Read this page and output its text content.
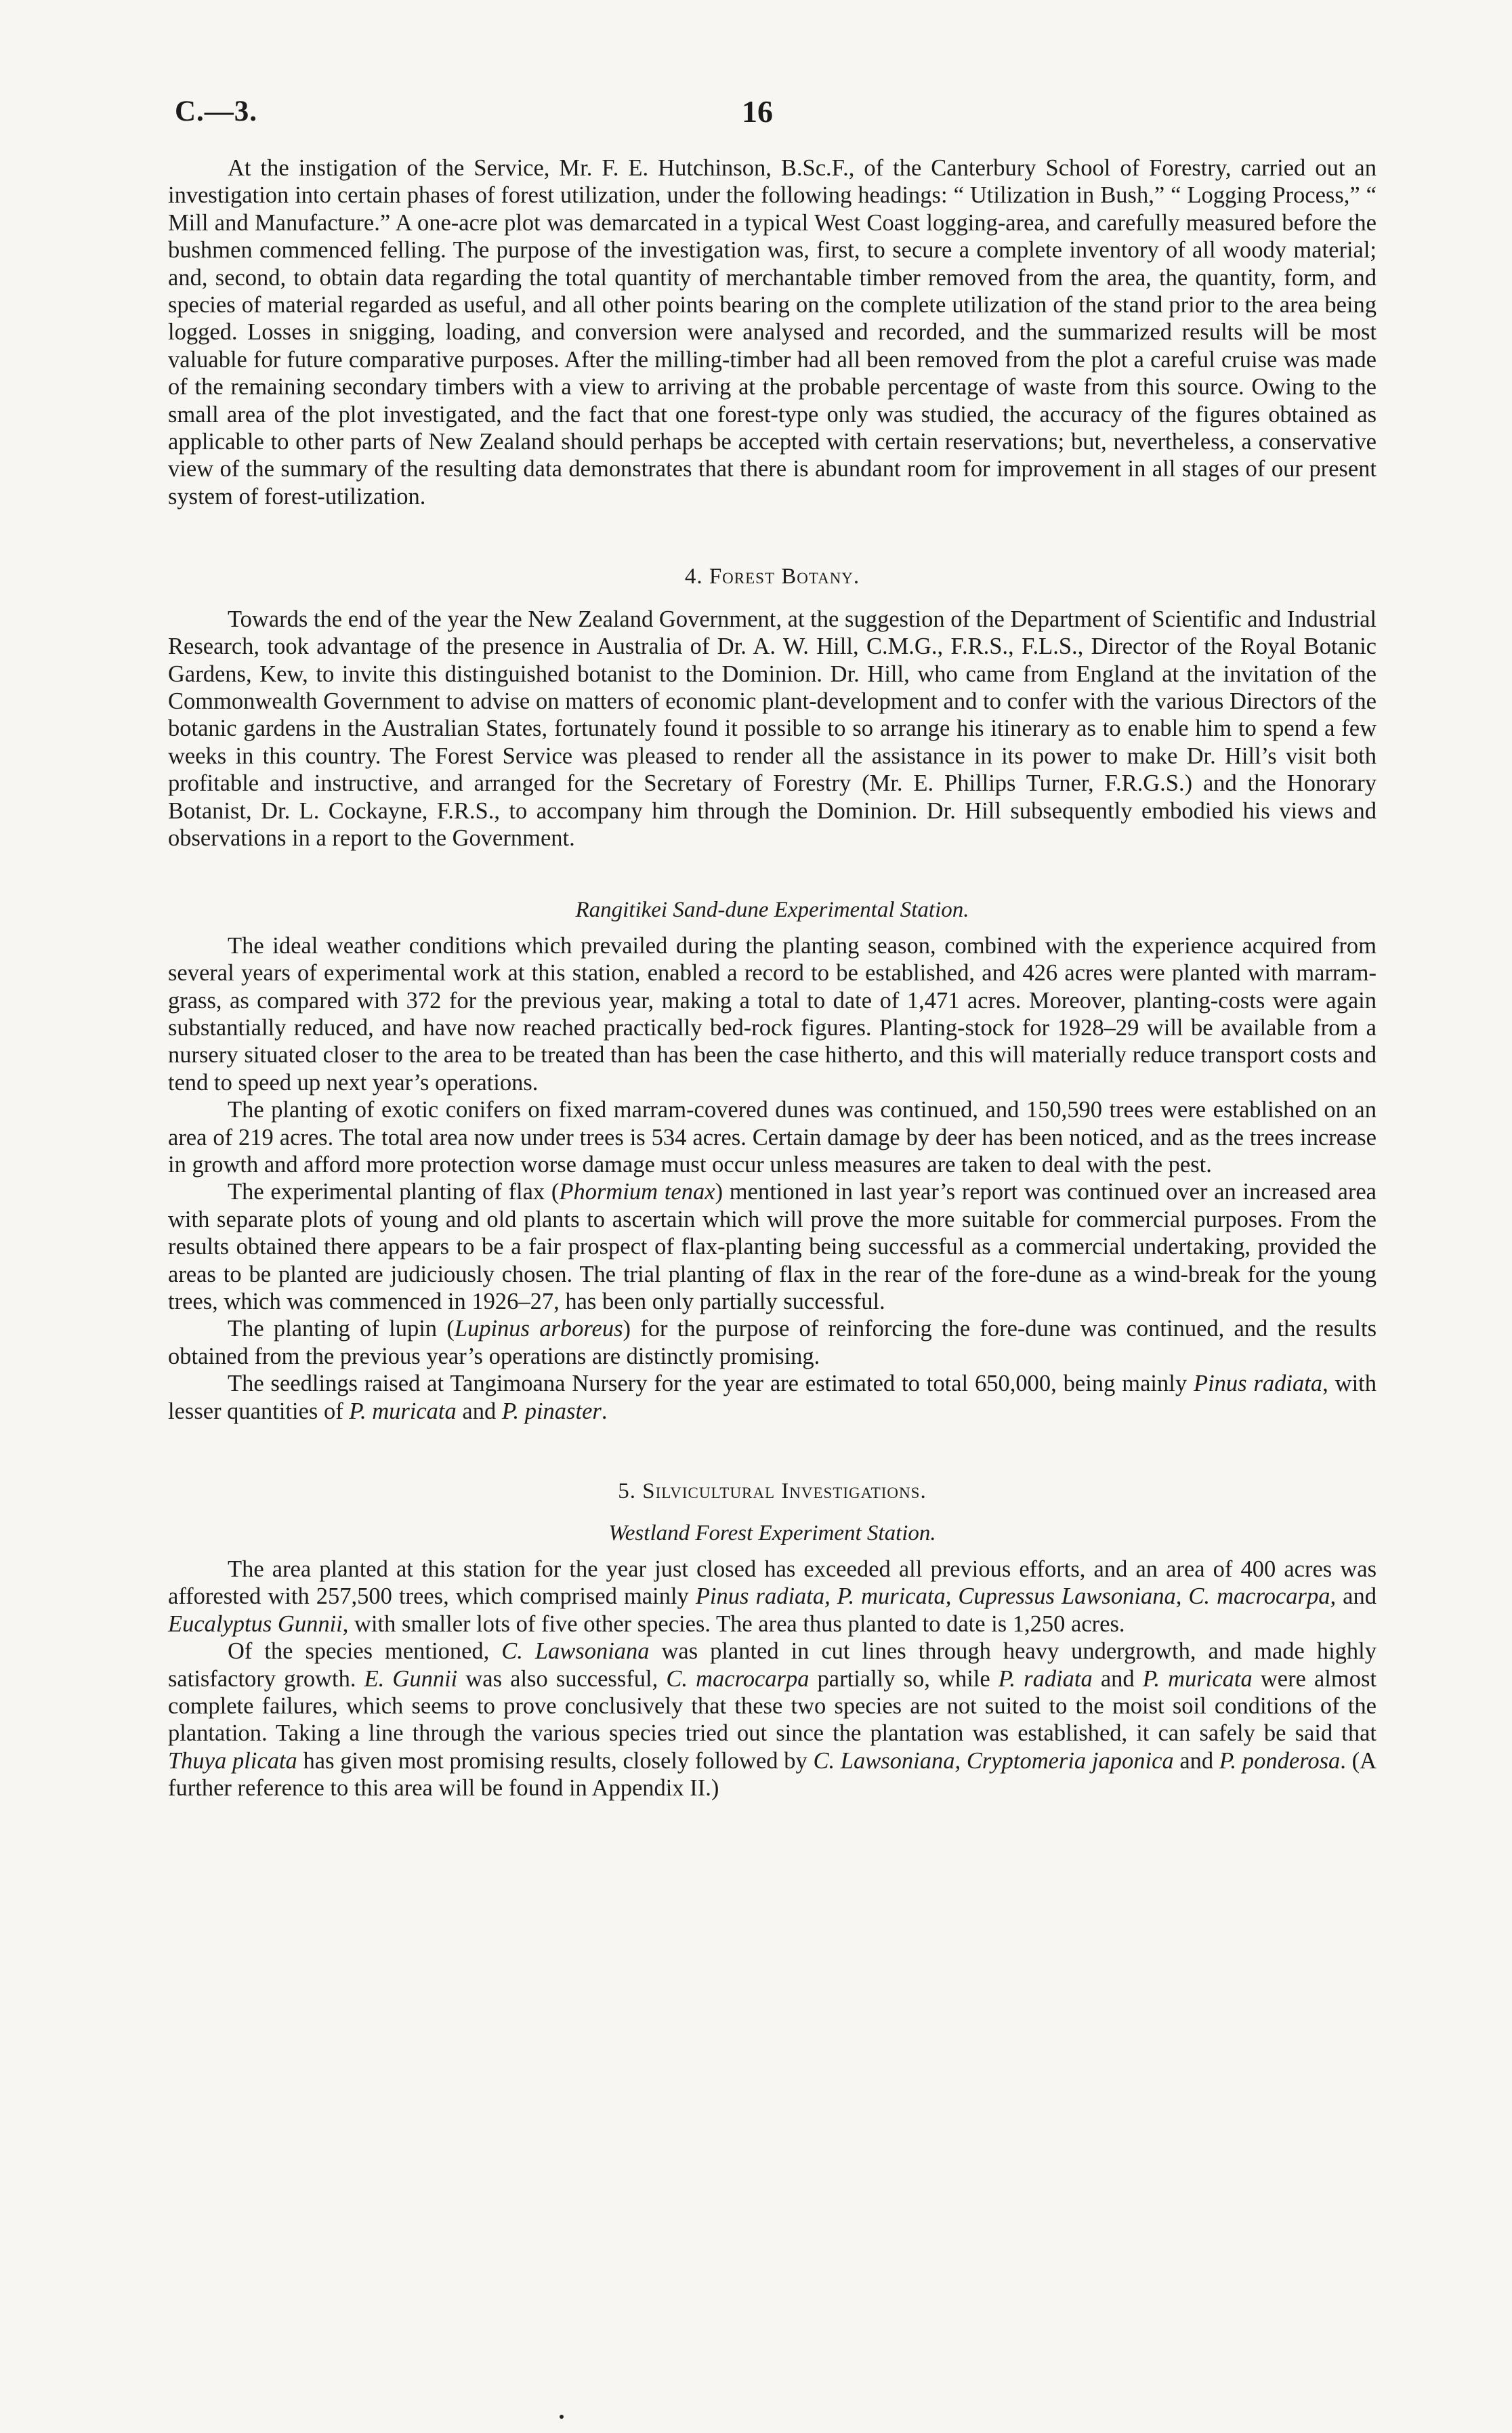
C.—3.	16

At the instigation of the Service, Mr. F. E. Hutchinson, B.Sc.F., of the Canterbury School of Forestry, carried out an investigation into certain phases of forest utilization, under the following headings: “ Utilization in Bush,” “ Logging Process,” “ Mill and Manufacture.” A one-acre plot was demarcated in a typical West Coast logging-area, and carefully measured before the bushmen commenced felling. The purpose of the investigation was, first, to secure a complete inventory of all woody material; and, second, to obtain data regarding the total quantity of merchantable timber removed from the area, the quantity, form, and species of material regarded as useful, and all other points bearing on the complete utilization of the stand prior to the area being logged. Losses in snigging, loading, and conversion were analysed and recorded, and the summarized results will be most valuable for future comparative purposes. After the milling-timber had all been removed from the plot a careful cruise was made of the remaining secondary timbers with a view to arriving at the probable percentage of waste from this source. Owing to the small area of the plot investigated, and the fact that one forest-type only was studied, the accuracy of the figures obtained as applicable to other parts of New Zealand should perhaps be accepted with certain reservations; but, nevertheless, a conservative view of the summary of the resulting data demonstrates that there is abundant room for improvement in all stages of our present system of forest-utilization.

4. Forest Botany.

Towards the end of the year the New Zealand Government, at the suggestion of the Department of Scientific and Industrial Research, took advantage of the presence in Australia of Dr. A. W. Hill, C.M.G., F.R.S., F.L.S., Director of the Royal Botanic Gardens, Kew, to invite this distinguished botanist to the Dominion. Dr. Hill, who came from England at the invitation of the Commonwealth Government to advise on matters of economic plant-development and to confer with the various Directors of the botanic gardens in the Australian States, fortunately found it possible to so arrange his itinerary as to enable him to spend a few weeks in this country. The Forest Service was pleased to render all the assistance in its power to make Dr. Hill’s visit both profitable and instructive, and arranged for the Secretary of Forestry (Mr. E. Phillips Turner, F.R.G.S.) and the Honorary Botanist, Dr. L. Cockayne, F.R.S., to accompany him through the Dominion. Dr. Hill subsequently embodied his views and observations in a report to the Government.

Rangitikei Sand-dune Experimental Station.

The ideal weather conditions which prevailed during the planting season, combined with the experience acquired from several years of experimental work at this station, enabled a record to be established, and 426 acres were planted with marram-grass, as compared with 372 for the previous year, making a total to date of 1,471 acres. Moreover, planting-costs were again substantially reduced, and have now reached practically bed-rock figures. Planting-stock for 1928–29 will be available from a nursery situated closer to the area to be treated than has been the case hitherto, and this will materially reduce transport costs and tend to speed up next year’s operations.

The planting of exotic conifers on fixed marram-covered dunes was continued, and 150,590 trees were established on an area of 219 acres. The total area now under trees is 534 acres. Certain damage by deer has been noticed, and as the trees increase in growth and afford more protection worse damage must occur unless measures are taken to deal with the pest.

The experimental planting of flax (Phormium tenax) mentioned in last year’s report was continued over an increased area with separate plots of young and old plants to ascertain which will prove the more suitable for commercial purposes. From the results obtained there appears to be a fair prospect of flax-planting being successful as a commercial undertaking, provided the areas to be planted are judiciously chosen. The trial planting of flax in the rear of the fore-dune as a wind-break for the young trees, which was commenced in 1926–27, has been only partially successful.

The planting of lupin (Lupinus arboreus) for the purpose of reinforcing the fore-dune was continued, and the results obtained from the previous year’s operations are distinctly promising.

The seedlings raised at Tangimoana Nursery for the year are estimated to total 650,000, being mainly Pinus radiata, with lesser quantities of P. muricata and P. pinaster.

5. Silvicultural Investigations.
Westland Forest Experiment Station.

The area planted at this station for the year just closed has exceeded all previous efforts, and an area of 400 acres was afforested with 257,500 trees, which comprised mainly Pinus radiata, P. muricata, Cupressus Lawsoniana, C. macrocarpa, and Eucalyptus Gunnii, with smaller lots of five other species. The area thus planted to date is 1,250 acres.

Of the species mentioned, C. Lawsoniana was planted in cut lines through heavy undergrowth, and made highly satisfactory growth. E. Gunnii was also successful, C. macrocarpa partially so, while P. radiata and P. muricata were almost complete failures, which seems to prove conclusively that these two species are not suited to the moist soil conditions of the plantation. Taking a line through the various species tried out since the plantation was established, it can safely be said that Thuya plicata has given most promising results, closely followed by C. Lawsoniana, Cryptomeria japonica and P. ponderosa. (A further reference to this area will be found in Appendix II.)
